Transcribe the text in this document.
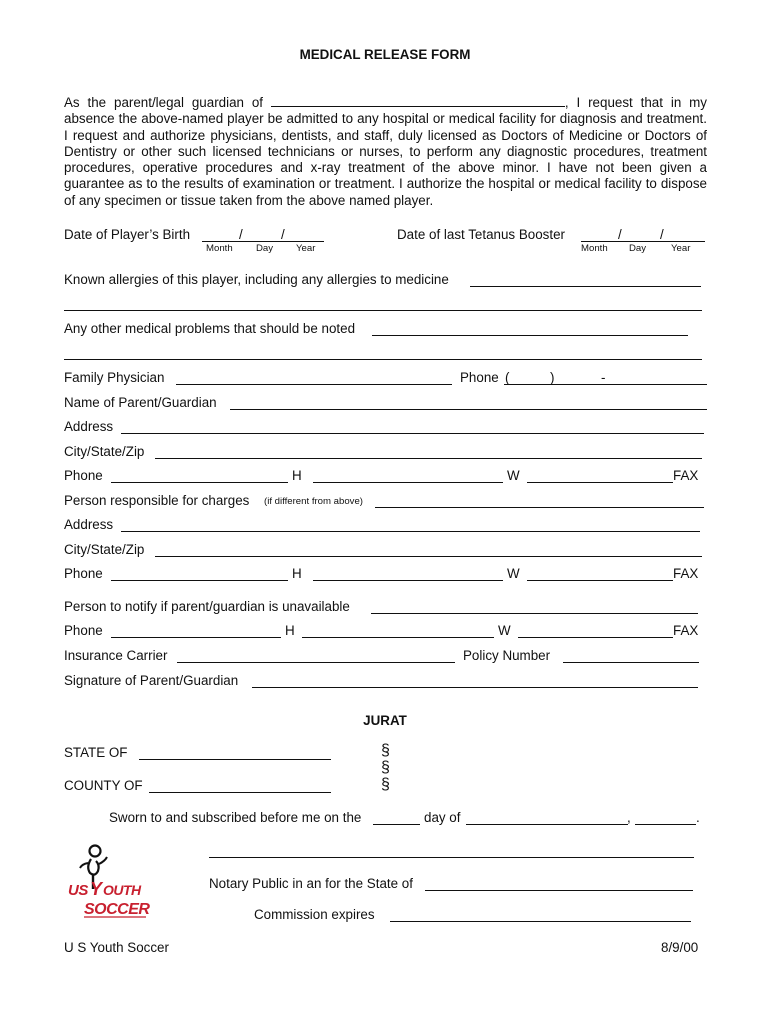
MEDICAL RELEASE FORM
As the parent/legal guardian of	, I request that in my absence the above-named player be admitted to any hospital or medical facility for diagnosis and treatment. I request and authorize physicians, dentists, and staff, duly licensed as Doctors of Medicine or Doctors of Dentistry or other such licensed technicians or nurses, to perform any diagnostic procedures, treatment procedures, operative procedures and x-ray treatment of the above minor. I have not been given a guarantee as to the results of examination or treatment. I authorize the hospital or medical facility to dispose of any specimen or tissue taken from the above named player.
Date of Player’s Birth	/	/
Month Day Year
Date of last Tetanus Booster	/	/
Month Day	Year
Known allergies of this player, including any allergies to medicine
Any other medical problems that should be noted
Family Physician	Phone (	)	-
Name of Parent/Guardian
Address
City/State/Zip
Phone	H	W	FAX
Person responsible for charges (if different from above)
Address
City/State/Zip
Phone	H	W	FAX
Person to notify if parent/guardian is unavailable
Phone	H	W	FAX
Insurance Carrier	Policy Number
Signature of Parent/Guardian
JURAT
STATE OF
COUNTY OF
§
§
§
Sworn to and subscribed before me on the	day of	,	.
US Y OUTH
SOCCER
Notary Public in an for the State of
Commission expires
U S Youth Soccer	8/9/00
